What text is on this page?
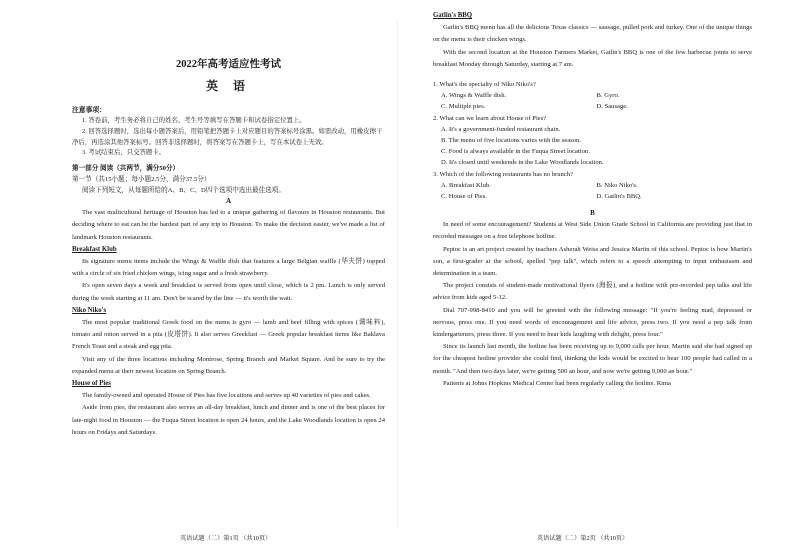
2022年高考适应性考试
英 语
注意事项：
1. 答卷前，考生务必将自己的姓名、考生号等填写在答题卡和试卷指定位置上。
2. 回答选择题时，选出每小题答案后，用铅笔把答题卡上对应题目的答案标号涂黑。如需改动，用橡皮擦干净后，再选涂其他答案标号。回答非选择题时，将答案写在答题卡上，写在本试卷上无效。
3. 考试结束后，只交答题卡。
第一部分 阅读（共两节，满分50分）
第一节（共15小题；每小题2.5分，满分37.5分）
阅读下列短文，从每题所给的A、B、C、D四个选项中选出最佳选项。
A

The vast multicultural heritage of Houston has led to a unique gathering of flavours in Houston restaurants. But deciding where to eat can be the hardest part of any trip to Houston. To make the decision easier, we've made a list of landmark Houston restaurants.

Breakfast Klub

Its signature menu items include the Wings & Waffle dish that features a large Belgian waffle (华夫饼) topped with a circle of six fried chicken wings, icing sugar and a fresh strawberry.

It's open seven days a week and breakfast is served from open until close, which is 2 pm. Lunch is only served during the week starting at 11 am. Don't be scared by the line — it's worth the wait.

Niko Niko's

The most popular traditional Greek food on the menu is gyro — lamb and beef filling with spices (调味料), tomato and onion served in a pita (皮塔饼). It also serves Greekfast — Greek popular breakfast items like Baklava French Toast and a steak and egg pita.

Visit any of the three locations including Montrose, Spring Branch and Market Square. And be sure to try the expanded menu at their newest location on Spring Branch.

House of Pies

The family-owned and operated House of Pies has five locations and serves up 40 varieties of pies and cakes.

Aside from pies, the restaurant also serves an all-day breakfast, lunch and dinner and is one of the best places for late-night food in Houston — the Fuqua Street location is open 24 hours, and the Lake Woodlands location is open 24 hours on Fridays and Saturdays.

英语试题（二）第1页 （共10页）
Gatlin's BBQ

Gatlin's BBQ menu has all the delicious Texas classics — sausage, pulled pork and turkey. One of the unique things on the menu is their chicken wings.

With the second location at the Houston Farmers Market, Gatlin's BBQ is one of the few barbecue joints to serve breakfast Monday through Saturday, starting at 7 am.

1. What's the specialty of Niko Niko's?
A. Wings & Waffle dish.	B. Gyro.
C. Multiple pies.	D. Sausage.
2. What can we learn about House of Pies?
A. It's a government-funded restaurant chain.
B. The menu of five locations varies with the season.
C. Food is always available in the Fuqua Street location.
D. It's closed until weekends in the Lake Woodlands location.
3. Which of the following restaurants has no brunch?
A. Breakfast Klub.	B. Niko Niko's.
C. House of Pies.	D. Gatlin's BBQ.
B

In need of some encouragement? Students at West Side Union Grade School in California are providing just that in recorded messages on a free telephone hotline.

Peptoc is an art project created by teachers Asherah Weiss and Jessica Martin of this school. Peptoc is how Martin's son, a first-grader at the school, spelled "pep talk", which refers to a speech attempting to input enthusiasm and determination in a team.

The project consists of student-made motivational flyers (海报), and a hotline with pre-recorded pep talks and life advice from kids aged 5-12.

Dial 707-998-8410 and you will be greeted with the following message: "If you're feeling mad, depressed or nervous, press one. If you need words of encouragement and life advice, press two. If you need a pep talk from kindergarteners, press three. If you need to hear kids laughing with delight, press four."

Since its launch last month, the hotline has been receiving up to 9,000 calls per hour. Martin said she had signed up for the cheapest hotline provider she could find, thinking the kids would be excited to hear 100 people had called in a month. "And then two days later, we're getting 500 an hour, and now we're getting 9,000 an hour."

Patients at Johns Hopkins Medical Center had been regularly calling the hotline. Rima

英语试题（二）第2页 （共10页）
